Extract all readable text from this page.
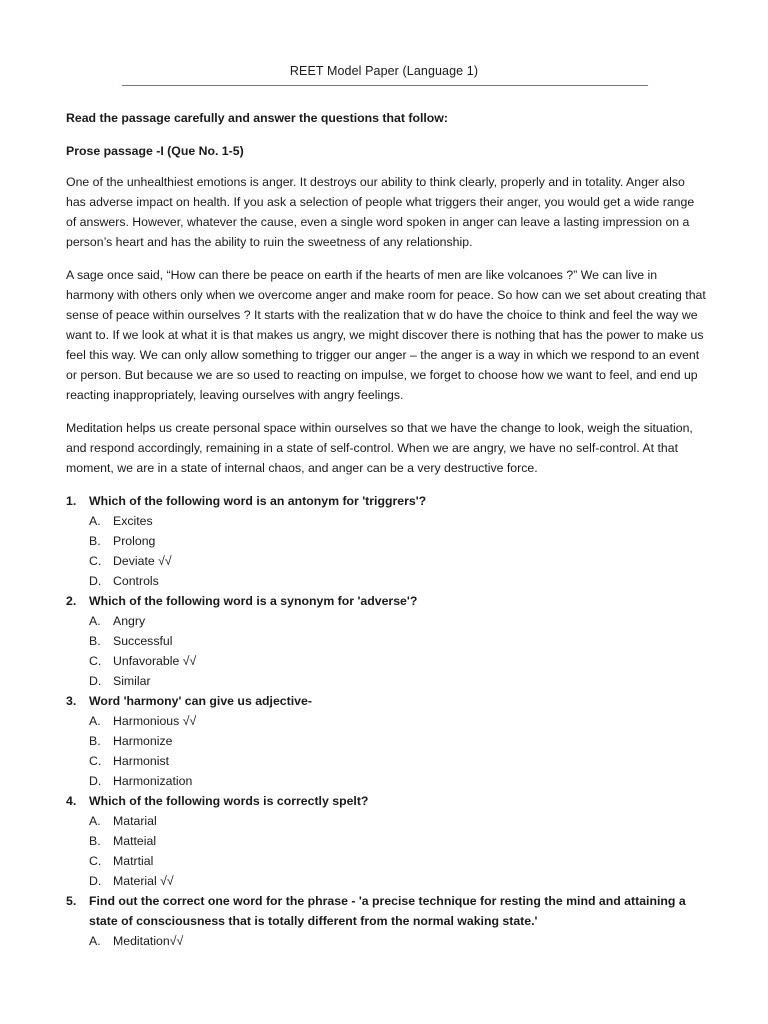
REET Model Paper (Language 1)

Read the passage carefully and answer the questions that follow:

Prose passage -I (Que No. 1-5)

One of the unhealthiest emotions is anger. It destroys our ability to think clearly, properly and in totality. Anger also has adverse impact on health. If you ask a selection of people what triggers their anger, you would get a wide range of answers. However, whatever the cause, even a single word spoken in anger can leave a lasting impression on a person’s heart and has the ability to ruin the sweetness of any relationship.

A sage once said, “How can there be peace on earth if the hearts of men are like volcanoes ?” We can live in harmony with others only when we overcome anger and make room for peace. So how can we set about creating that sense of peace within ourselves ? It starts with the realization that w do have the choice to think and feel the way we want to. If we look at what it is that makes us angry, we might discover there is nothing that has the power to make us feel this way. We can only allow something to trigger our anger – the anger is a way in which we respond to an event or person. But because we are so used to reacting on impulse, we forget to choose how we want to feel, and end up reacting inappropriately, leaving ourselves with angry feelings.

Meditation helps us create personal space within ourselves so that we have the change to look, weigh the situation, and respond accordingly, remaining in a state of self-control. When we are angry, we have no self-control. At that moment, we are in a state of internal chaos, and anger can be a very destructive force.

1. Which of the following word is an antonym for 'triggrers'?
A. Excites
B. Prolong
C. Deviate √√
D. Controls
2. Which of the following word is a synonym for 'adverse'?
A. Angry
B. Successful
C. Unfavorable √√
D. Similar
3. Word 'harmony' can give us adjective-
A. Harmonious √√
B. Harmonize
C. Harmonist
D. Harmonization
4. Which of the following words is correctly spelt?
A. Matarial
B. Matteial
C. Matrtial
D. Material √√
5. Find out the correct one word for the phrase - 'a precise technique for resting the mind and attaining a state of consciousness that is totally different from the normal waking state.'
A. Meditation√√
